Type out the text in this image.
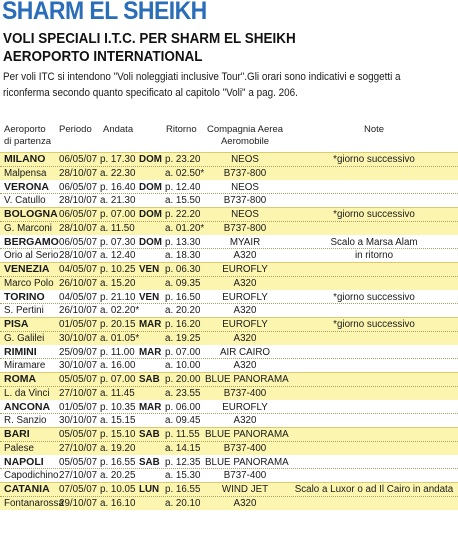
SHARM EL SHEIKH
VOLI SPECIALI I.T.C. PER SHARM EL SHEIKH
AEROPORTO INTERNATIONAL
Per voli ITC si intendono "Voli noleggiati inclusive Tour".Gli orari sono indicativi e soggetti a riconferma secondo quanto specificato al capitolo "Voli" a pag. 206.
Aeroporto
di partenza
Periodo Andata	Ritorno Compagnia Aerea
Aeromobile
Note
MILANO
Malpensa
06/05/07
28/10/07
p. 17.30
a. 22.30
DOM p. 23.20
a. 02.50*
NEOS
B737-800
*giorno successivo
VERONA
V. Catullo
06/05/07
28/10/07
p. 16.40
a. 21.30
DOM p. 12.40
a. 15.50
NEOS
B737-800
BOLOGNA
G. Marconi
06/05/07
28/10/07
p. 07.00
a. 11.50
DOM p. 22.20
a. 01.20*
NEOS
B737-800
*giorno successivo
BERGAMO
Orio al Serio
06/05/07
28/10/07
p. 07.30
a. 12.40
DOM p. 13.30
a. 18.30
MYAIR
A320
Scalo a Marsa Alam
in ritorno
VENEZIA
Marco Polo
04/05/07
26/10/07
p. 10.25
a. 15.20
VEN p. 06.30
a. 09.35
EUROFLY
A320
TORINO
S. Pertini
04/05/07
26/10/07
p. 21.10
a. 02.20*
VEN p. 16.50
a. 20.20
EUROFLY
A320
*giorno successivo
PISA
G. Galilei
01/05/07
30/10/07
p. 20.15
a. 01.05*
MAR p. 16.20
a. 19.25
EUROFLY
A320
*giorno successivo
RIMINI
Miramare
25/09/07
30/10/07
p. 11.00
a. 16.00
MAR p. 07.00
a. 10.00
AIR CAIRO
A320
ROMA
L. da Vinci
05/05/07
27/10/07
p. 07.00
a. 11.45
SAB p. 20.00
a. 23.55
BLUE PANORAMA
B737-400
ANCONA
R. Sanzio
01/05/07
30/10/07
p. 10.35
a. 15.15
MAR p. 06.00
a. 09.45
EUROFLY
A320
BARI
Palese
05/05/07
27/10/07
p. 15.10
a. 19.20
SAB p. 11.55
a. 14.15
BLUE PANORAMA
B737-400
NAPOLI
Capodichino
05/05/07
27/10/07
p. 16.55
a. 20.25
SAB p. 12.35
a. 15.30
BLUE PANORAMA
B737-400
CATANIA
Fontanarossa
07/05/07
29/10/07
p. 10.05
a. 16.10
LUN p. 16.55
a. 20.10
WIND JET
A320
Scalo a Luxor o ad Il Cairo in andata
